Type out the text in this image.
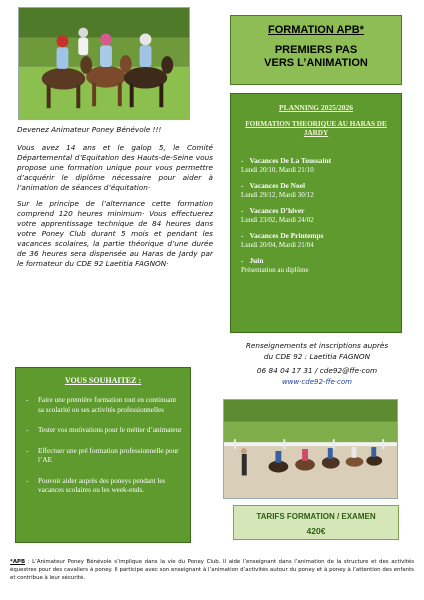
FORMATION APB*
PREMIERS PAS
VERS L’ANIMATION

Devenez Animateur Poney Bénévole !!!

Vous avez 14 ans et le galop 5, le Comité Départemental d’Equitation des Hauts-de-Seine vous propose une formation unique pour vous permettre d’acquérir le diplôme nécessaire pour aider à l’animation de séances d’équitation·

Sur le principe de l’alternance cette formation comprend 120 heures minimum· Vous effectuerez votre apprentissage technique de 84 heures dans votre Poney Club durant 5 mois et pendant les vacances scolaires, la partie théorique d’une durée de 36 heures sera dispensée au Haras de Jardy par le formateur du CDE 92 Laetitia FAGNON·

PLANNING 2025/2026
FORMATION THEORIQUE AU HARAS DE JARDY
- Vacances De La Toussaint
Lundi 20/10, Mardi 21/10
- Vacances De Noel
Lundi 29/12, Mardi 30/12
- Vacances D’hiver
Lundi 23/02, Mardi 24/02
- Vacances De Printemps
Lundi 20/04, Mardi 21/04
- Juin
Présentation au diplôme
Renseignements et inscriptions auprès
du CDE 92 : Laetitia FAGNON
06 84 04 17 31 / cde92@ffe·com
www·cde92-ffe·com
TARIFS FORMATION / EXAMEN
420€
VOUS SOUHAITEZ :
-	Faire une première formation tout en continuant sa scolarité ou ses activités professionnelles
-	Tester vos motivations pour le métier d’animateur
-	Effectuer une pré formation professionnelle pour l’AE
-	Pouvoir aider auprès des poneys pendant les vacances scolaires ou les week-ends.
*APB : L’Animateur Poney Bénévole s’implique dans la vie du Poney Club. Il aide l’enseignant dans l’animation de la structure et des activités équestres pour des cavaliers à poney. Il participe avec son enseignant à l’animation d’activités autour du poney et à poney à l’attention des enfants et contribue à leur sécurité.
